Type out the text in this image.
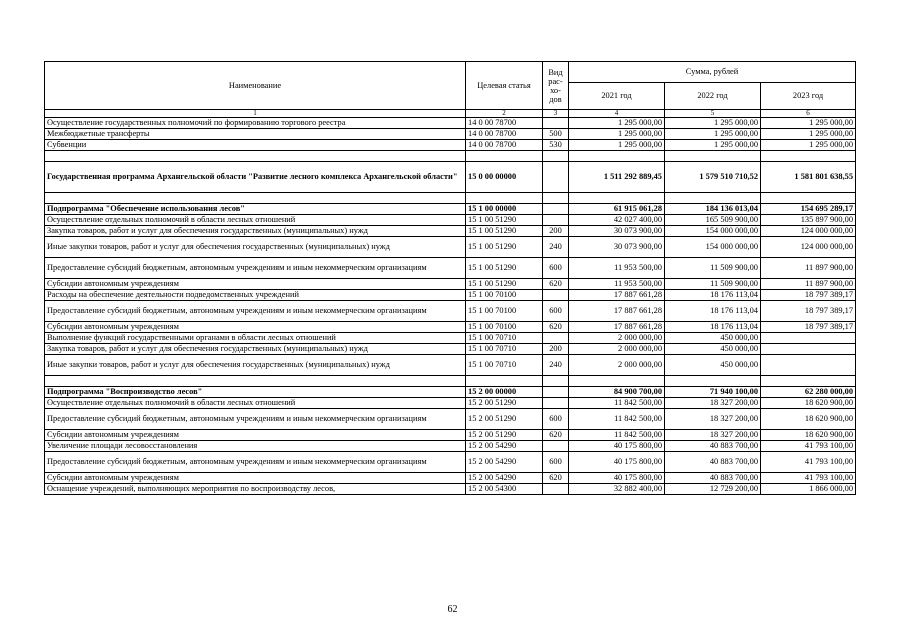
Наименование	Целевая статья	Вид рас-хо-дов	Сумма, рублей		
			2021 год	2022 год	2023 год
1	2	3	4	5	6
Осуществление государственных полномочий по формированию торгового реестра	14 0 00 78700		1 295 000,00	1 295 000,00	1 295 000,00
Межбюджетные трансферты	14 0 00 78700	500	1 295 000,00	1 295 000,00	1 295 000,00
Субвенции	14 0 00 78700	530	1 295 000,00	1 295 000,00	1 295 000,00

Государственная программа Архангельской области "Развитие лесного комплекса Архангельской области"	15 0 00 00000		1 511 292 889,45	1 579 510 710,52	1 581 801 638,55

Подпрограмма "Обеспечение использования лесов"	15 1 00 00000		61 915 061,28	184 136 013,04	154 695 289,17
Осуществление отдельных полномочий в области лесных отношений	15 1 00 51290		42 027 400,00	165 509 900,00	135 897 900,00
Закупка товаров, работ и услуг для обеспечения государственных (муниципальных) нужд	15 1 00 51290	200	30 073 900,00	154 000 000,00	124 000 000,00
Иные закупки товаров, работ и услуг для обеспечения государственных (муниципальных) нужд	15 1 00 51290	240	30 073 900,00	154 000 000,00	124 000 000,00
Предоставление субсидий бюджетным, автономным учреждениям и иным некоммерческим организациям	15 1 00 51290	600	11 953 500,00	11 509 900,00	11 897 900,00
Субсидии автономным учреждениям	15 1 00 51290	620	11 953 500,00	11 509 900,00	11 897 900,00
Расходы на обеспечение деятельности подведомственных учреждений	15 1 00 70100		17 887 661,28	18 176 113,04	18 797 389,17
Предоставление субсидий бюджетным, автономным учреждениям и иным некоммерческим организациям	15 1 00 70100	600	17 887 661,28	18 176 113,04	18 797 389,17
Субсидии автономным учреждениям	15 1 00 70100	620	17 887 661,28	18 176 113,04	18 797 389,17
Выполнение функций государственными органами в области лесных отношений	15 1 00 70710		2 000 000,00	450 000,00	
Закупка товаров, работ и услуг для обеспечения государственных (муниципальных) нужд	15 1 00 70710	200	2 000 000,00	450 000,00	
Иные закупки товаров, работ и услуг для обеспечения государственных (муниципальных) нужд	15 1 00 70710	240	2 000 000,00	450 000,00	

Подпрограмма "Воспроизводство лесов"	15 2 00 00000		84 900 700,00	71 940 100,00	62 280 000,00
Осуществление отдельных полномочий в области лесных отношений	15 2 00 51290		11 842 500,00	18 327 200,00	18 620 900,00
Предоставление субсидий бюджетным, автономным учреждениям и иным некоммерческим организациям	15 2 00 51290	600	11 842 500,00	18 327 200,00	18 620 900,00
Субсидии автономным учреждениям	15 2 00 51290	620	11 842 500,00	18 327 200,00	18 620 900,00
Увеличение площади лесовосстановления	15 2 00 54290		40 175 800,00	40 883 700,00	41 793 100,00
Предоставление субсидий бюджетным, автономным учреждениям и иным некоммерческим организациям	15 2 00 54290	600	40 175 800,00	40 883 700,00	41 793 100,00
Субсидии автономным учреждениям	15 2 00 54290	620	40 175 800,00	40 883 700,00	41 793 100,00
Оснащение учреждений, выполняющих мероприятия по воспроизводству лесов,	15 2 00 54300		32 882 400,00	12 729 200,00	1 866 000,00
62
